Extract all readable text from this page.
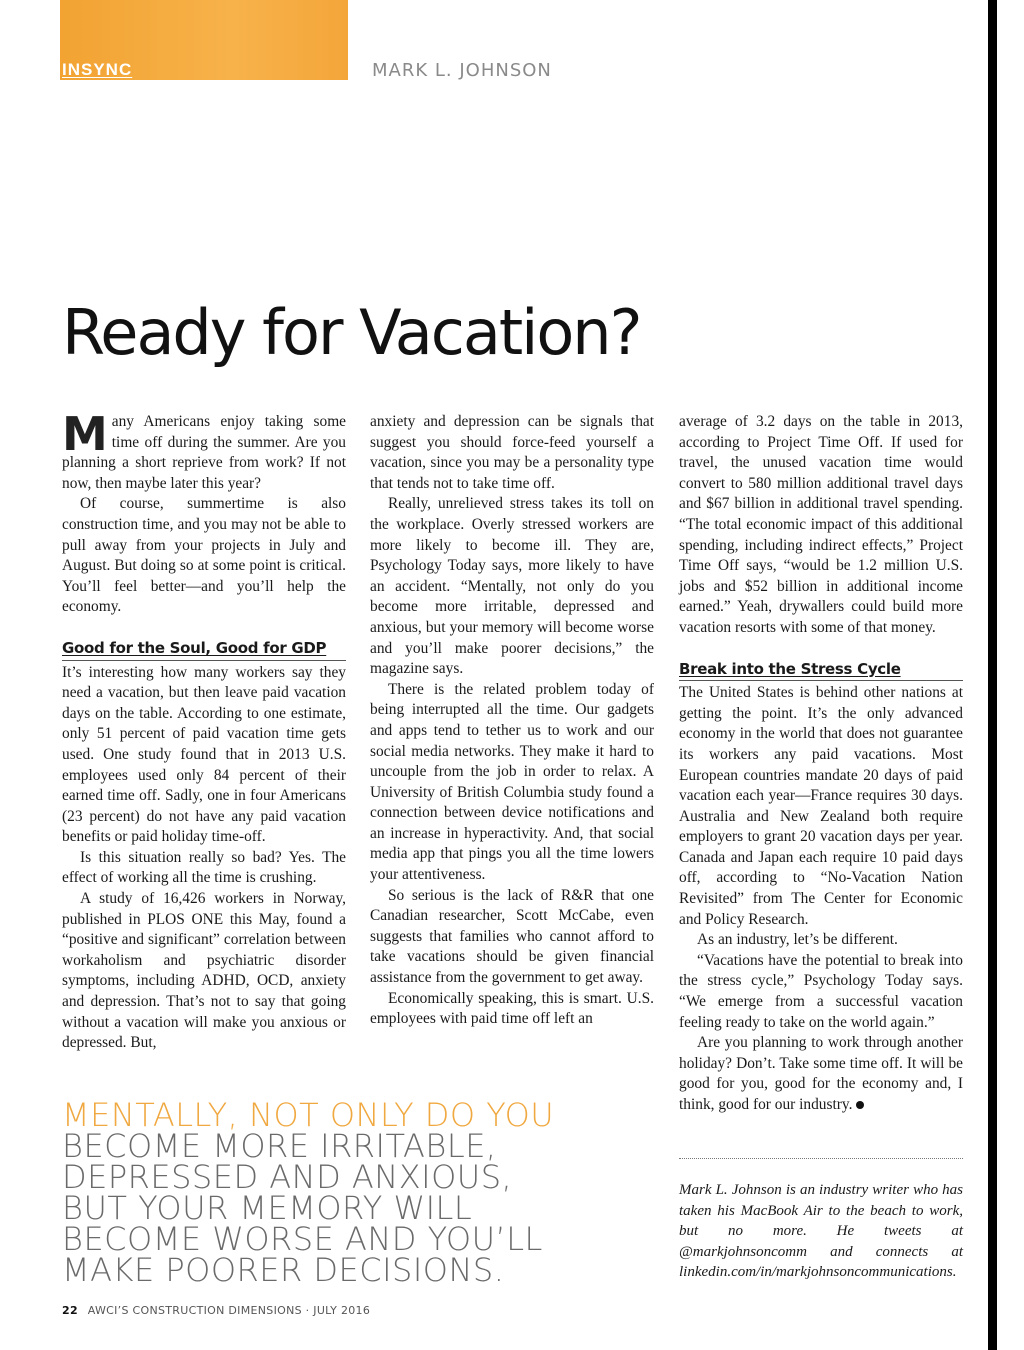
INSYNC	MARK L. JOHNSON
Ready for Vacation?

Many Americans enjoy taking some time off during the summer. Are you planning a short reprieve from work? If not now, then maybe later this year?

Of course, summertime is also construction time, and you may not be able to pull away from your projects in July and August. But doing so at some point is critical. You’ll feel better—and you’ll help the economy.

Good for the Soul, Good for GDP

It’s interesting how many workers say they need a vacation, but then leave paid vacation days on the table. According to one estimate, only 51 percent of paid vacation time gets used. One study found that in 2013 U.S. employees used only 84 percent of their earned time off. Sadly, one in four Americans (23 percent) do not have any paid vacation benefits or paid holiday time-off.

Is this situation really so bad? Yes. The effect of working all the time is crushing.

A study of 16,426 workers in Norway, published in PLOS ONE this May, found a “positive and significant” correlation between workaholism and psychiatric disorder symptoms, including ADHD, OCD, anxiety and depression. That’s not to say that going without a vacation will make you anxious or depressed. But,

anxiety and depression can be signals that suggest you should force-feed yourself a vacation, since you may be a personality type that tends not to take time off.

Really, unrelieved stress takes its toll on the workplace. Overly stressed workers are more likely to become ill. They are, Psychology Today says, more likely to have an accident. “Mentally, not only do you become more irritable, depressed and anxious, but your memory will become worse and you’ll make poorer decisions,” the magazine says.

There is the related problem today of being interrupted all the time. Our gadgets and apps tend to tether us to work and our social media networks. They make it hard to uncouple from the job in order to relax. A University of British Columbia study found a connection between device notifications and an increase in hyperactivity. And, that social media app that pings you all the time lowers your attentiveness.

So serious is the lack of R&R that one Canadian researcher, Scott McCabe, even suggests that families who cannot afford to take vacations should be given financial assistance from the government to get away.

Economically speaking, this is smart. U.S. employees with paid time off left an

average of 3.2 days on the table in 2013, according to Project Time Off. If used for travel, the unused vacation time would convert to 580 million additional travel days and $67 billion in additional travel spending. “The total economic impact of this additional spending, including indirect effects,” Project Time Off says, “would be 1.2 million U.S. jobs and $52 billion in additional income earned.” Yeah, drywallers could build more vacation resorts with some of that money.

Break into the Stress Cycle

The United States is behind other nations at getting the point. It’s the only advanced economy in the world that does not guarantee its workers any paid vacations. Most European countries mandate 20 days of paid vacation each year—France requires 30 days. Australia and New Zealand both require employers to grant 20 vacation days per year. Canada and Japan each require 10 paid days off, according to “No-Vacation Nation Revisited” from The Center for Economic and Policy Research.

As an industry, let’s be different.

“Vacations have the potential to break into the stress cycle,” Psychology Today says. “We emerge from a successful vacation feeling ready to take on the world again.”

Are you planning to work through another holiday? Don’t. Take some time off. It will be good for you, good for the economy and, I think, good for our industry.

MENTALLY, NOT ONLY DO YOU BECOME MORE IRRITABLE, DEPRESSED AND ANXIOUS, BUT YOUR MEMORY WILL BECOME WORSE AND YOU’LL MAKE POORER DECISIONS.
Mark L. Johnson is an industry writer who has taken his MacBook Air to the beach to work, but no more. He tweets at @markjohnsoncomm and connects at linkedin.com/in/markjohnsoncommunications.
22 AWCI’S CONSTRUCTION DIMENSIONS · JULY 2016
